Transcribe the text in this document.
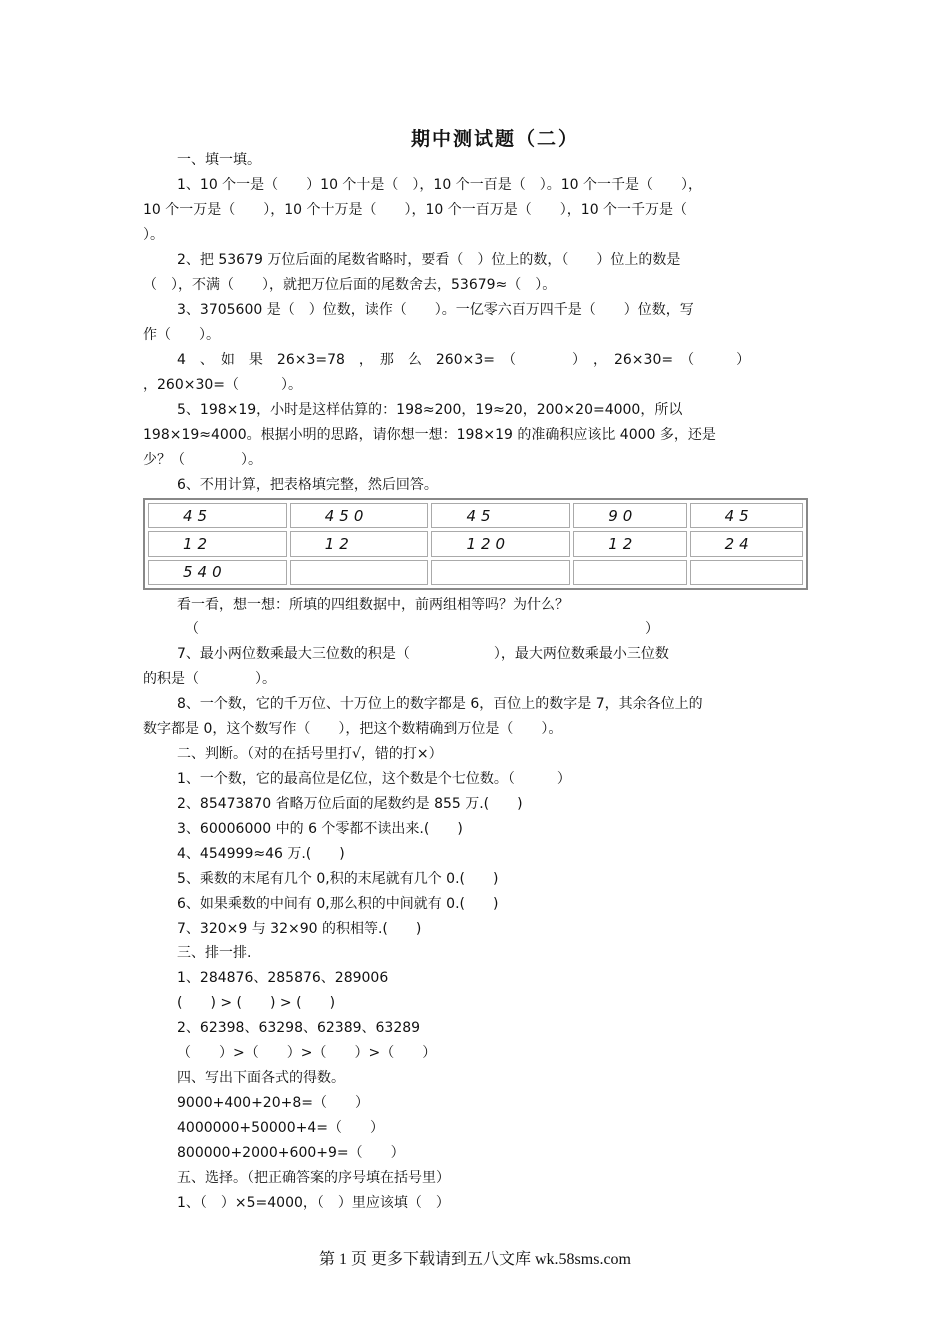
期中测试题（二）
一、填一填。
1、10 个一是（　　）10 个十是（　），10 个一百是（　）。10 个一千是（　　），
10 个一万是（　　），10 个十万是（　　），10 个一百万是（　　），10 个一千万是（
）。
2、把 53679 万位后面的尾数省略时，要看（　）位上的数，（　　）位上的数是
（　），不满（　　），就把万位后面的尾数舍去，53679≈（　）。
3、3705600 是（　）位数，读作（　　）。一亿零六百万四千是（　　）位数，写
作（　　）。
4　、　如　果　26×3=78　，　那　么　260×3=　（　　　　）　，　26×30=　（　　　）
，260×30=（　　　）。
5、198×19，小时是这样估算的：198≈200，19≈20，200×20=4000，所以
198×19≈4000。根据小明的思路，请你想一想：198×19 的准确积应该比 4000 多，还是
少？（　　　　）。
6、不用计算，把表格填完整，然后回答。
45	450	45	90	45
12	12	120	12	24
540				
看一看，想一想：所填的四组数据中，前两组相等吗？为什么？
（	）
7、最小两位数乘最大三位数的积是（　　　　　　），最大两位数乘最小三位数
的积是（　　　　）。
8、一个数，它的千万位、十万位上的数字都是 6，百位上的数字是 7，其余各位上的
数字都是 0，这个数写作（　　），把这个数精确到万位是（　　）。
二、判断。（对的在括号里打√，错的打×）
1、一个数，它的最高位是亿位，这个数是个七位数。（　　　）
2、85473870 省略万位后面的尾数约是 855 万.(　　)
3、60006000 中的 6 个零都不读出来.(　　)
4、454999≈46 万.(　　)
5、乘数的末尾有几个 0,积的末尾就有几个 0.(　　)
6、如果乘数的中间有 0,那么积的中间就有 0.(　　)
7、320×9 与 32×90 的积相等.(　　)
三、排一排.
1、284876、285876、289006
(　　) > (　　) > (　　)
2、62398、63298、62389、63289
（　　）>（　　）>（　　）>（　　）
四、写出下面各式的得数。
9000+400+20+8=（　　）
4000000+50000+4=（　　）
800000+2000+600+9=（　　）
五、选择。（把正确答案的序号填在括号里）
1、（　）×5=4000，（　）里应该填（　）
第 1 页 更多下载请到五八文库 wk.58sms.com
